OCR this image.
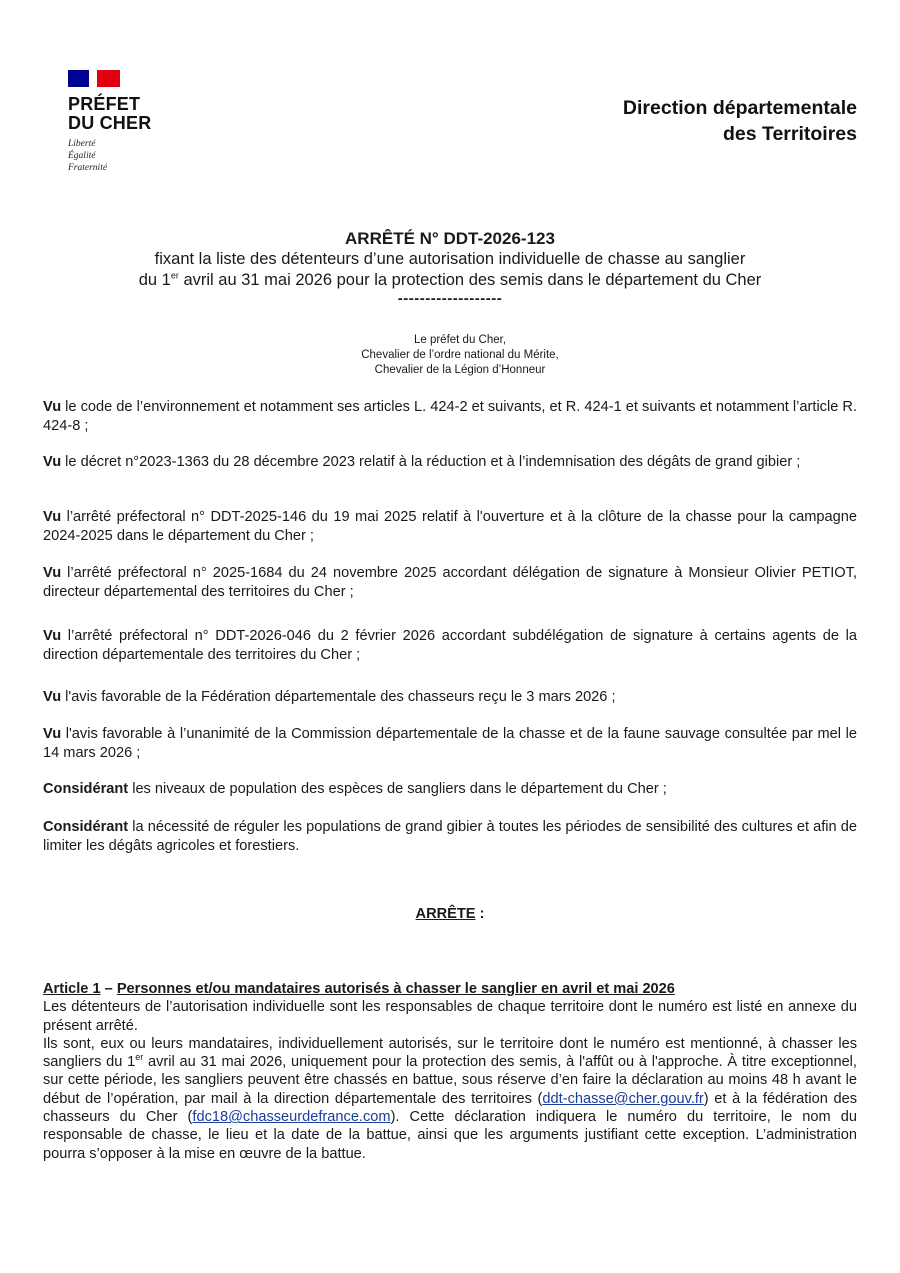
PRÉFET
DU CHER
Liberté
Égalité
Fraternité
Direction départementale
des Territoires
ARRÊTÉ N° DDT-2026-123
fixant la liste des détenteurs d’une autorisation individuelle de chasse au sanglier
du 1er avril au 31 mai 2026 pour la protection des semis dans le département du Cher
-------------------
Le préfet du Cher,
Chevalier de l’ordre national du Mérite,
Chevalier de la Légion d’Honneur
Vu le code de l’environnement et notamment ses articles L. 424-2 et suivants, et R. 424-1 et suivants et notamment l’article R. 424-8 ;
Vu le décret n°2023-1363 du 28 décembre 2023 relatif à la réduction et à l’indemnisation des dégâts de grand gibier ;
Vu l’arrêté préfectoral n° DDT-2025-146 du 19 mai 2025 relatif à l'ouverture et à la clôture de la chasse pour la campagne 2024-2025 dans le département du Cher ;
Vu l’arrêté préfectoral n° 2025-1684 du 24 novembre 2025 accordant délégation de signature à Monsieur Olivier PETIOT, directeur départemental des territoires du Cher ;
Vu l’arrêté préfectoral n° DDT-2026-046 du 2 février 2026 accordant subdélégation de signature à certains agents de la direction départementale des territoires du Cher ;
Vu l'avis favorable de la Fédération départementale des chasseurs reçu le 3 mars 2026 ;
Vu l'avis favorable à l’unanimité de la Commission départementale de la chasse et de la faune sauvage consultée par mel le 14 mars 2026 ;
Considérant les niveaux de population des espèces de sangliers dans le département du Cher ;
Considérant la nécessité de réguler les populations de grand gibier à toutes les périodes de sensibilité des cultures et afin de limiter les dégâts agricoles et forestiers.
ARRÊTE :
Article 1 – Personnes et/ou mandataires autorisés à chasser le sanglier en avril et mai 2026
Les détenteurs de l’autorisation individuelle sont les responsables de chaque territoire dont le numéro est listé en annexe du présent arrêté.
Ils sont, eux ou leurs mandataires, individuellement autorisés, sur le territoire dont le numéro est mentionné, à chasser les sangliers du 1er avril au 31 mai 2026, uniquement pour la protection des semis, à l'affût ou à l'approche. À titre exceptionnel, sur cette période, les sangliers peuvent être chassés en battue, sous réserve d’en faire la déclaration au moins 48 h avant le début de l’opération, par mail à la direction départementale des territoires (ddt-chasse@cher.gouv.fr) et à la fédération des chasseurs du Cher (fdc18@chasseurdefrance.com). Cette déclaration indiquera le numéro du territoire, le nom du responsable de chasse, le lieu et la date de la battue, ainsi que les arguments justifiant cette exception. L’administration pourra s’opposer à la mise en œuvre de la battue.
